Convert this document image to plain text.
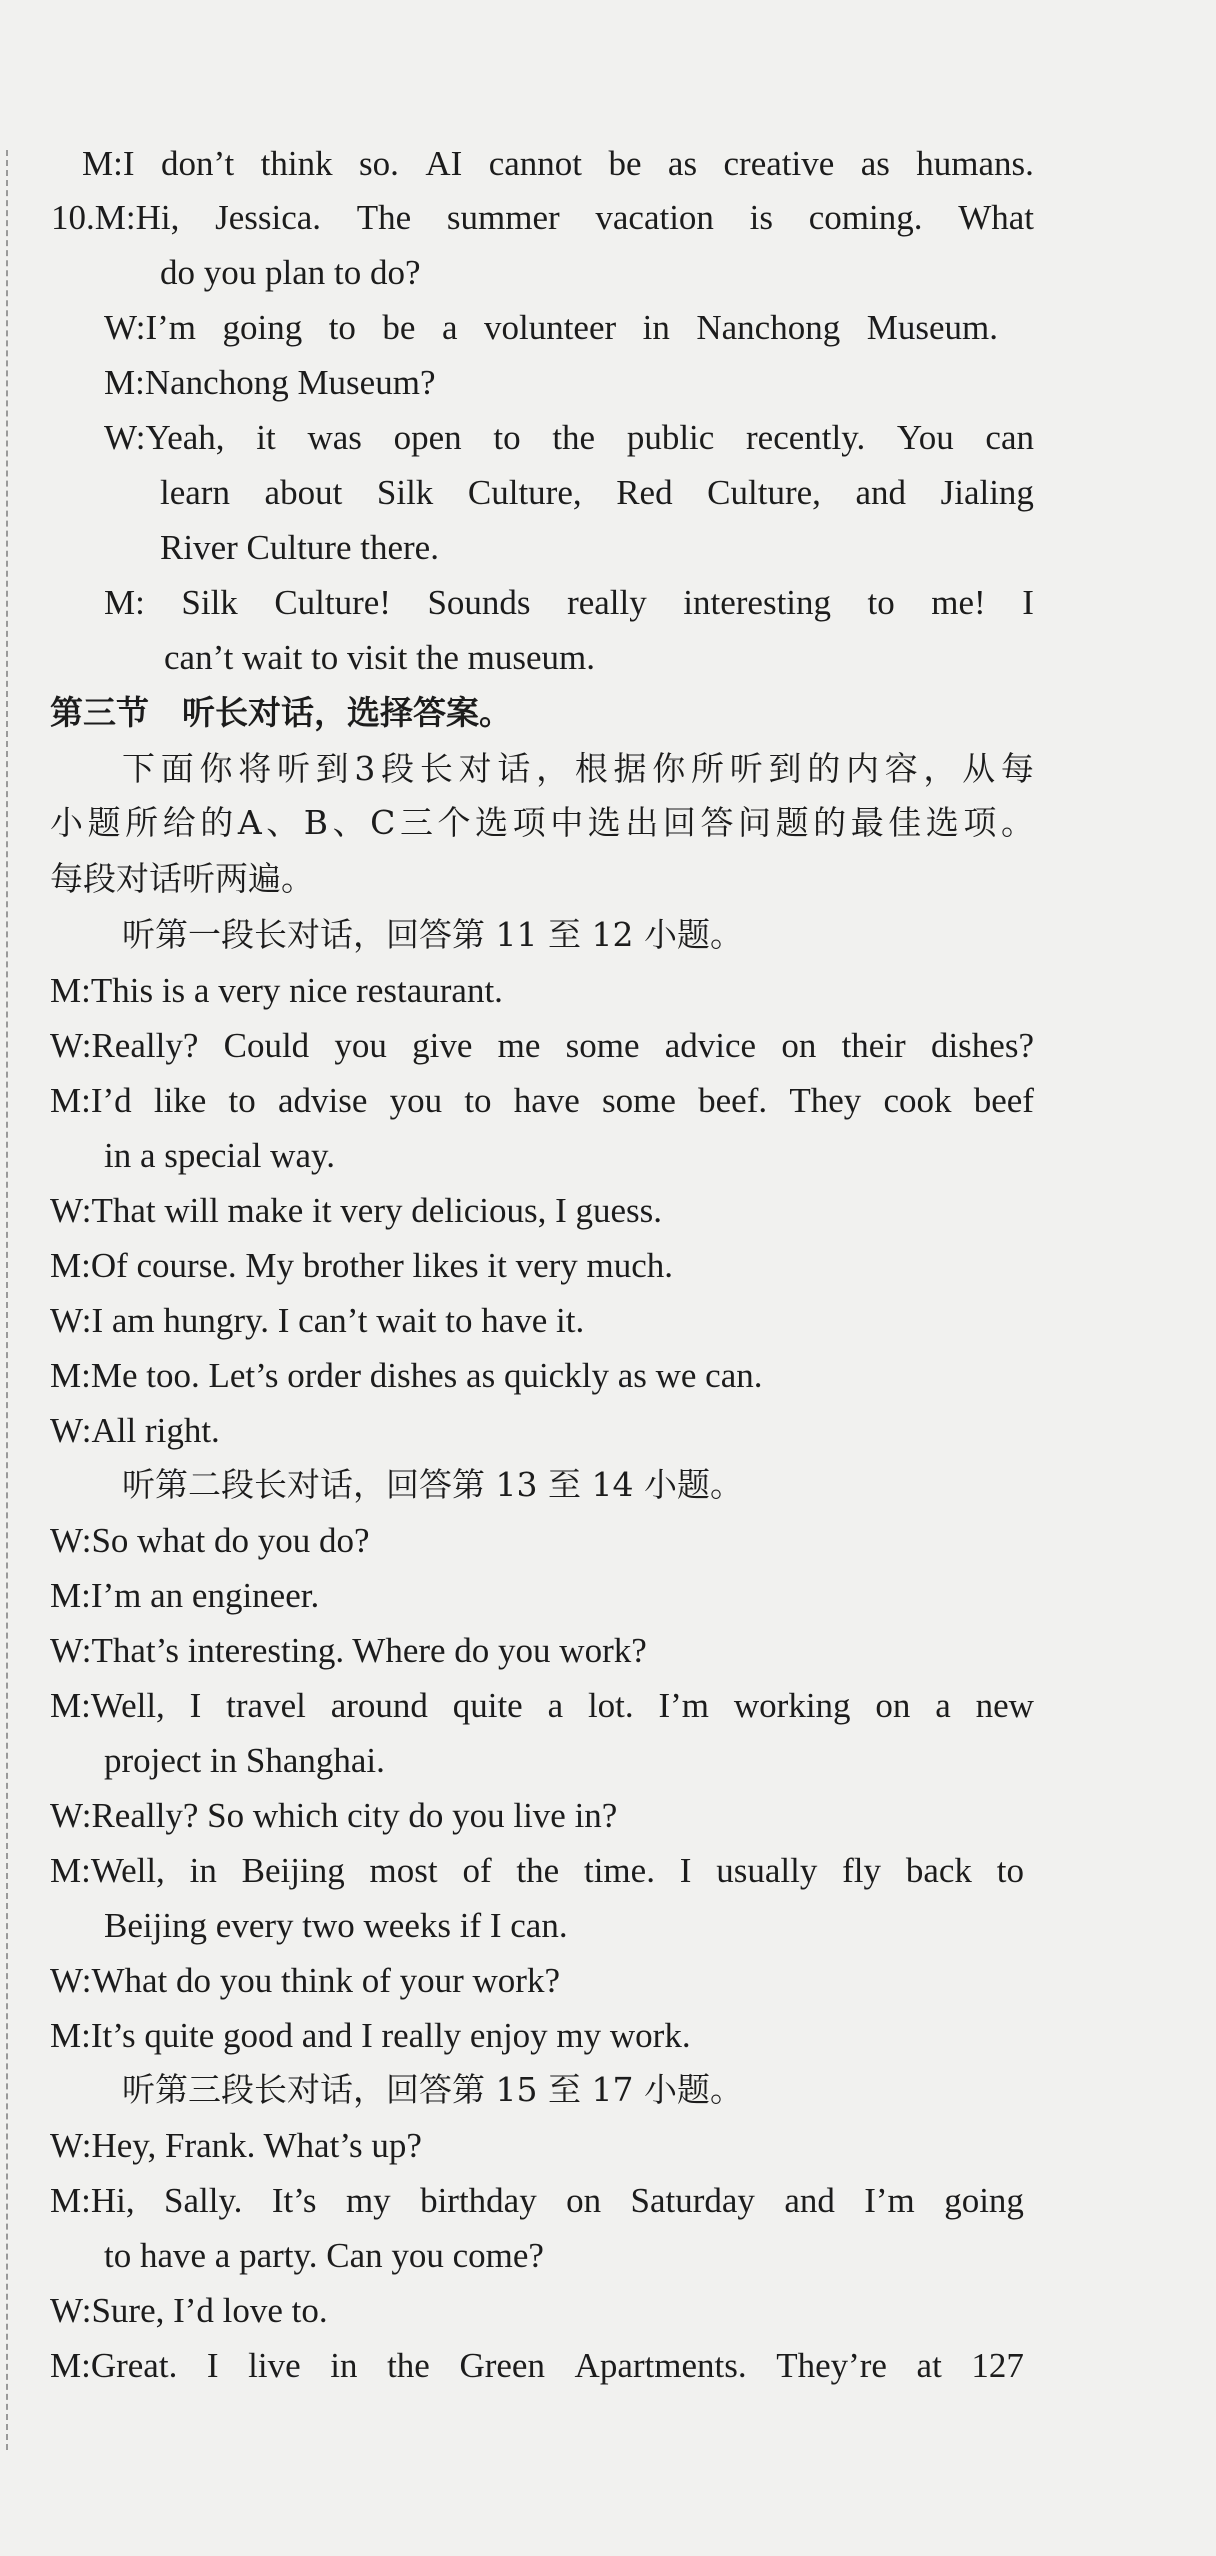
M:I don’t think so. AI cannot be as creative as humans.
10.M:Hi, Jessica. The summer vacation is coming. What
do you plan to do?
W:I’m going to be a volunteer in Nanchong Museum.
M:Nanchong Museum?
W:Yeah, it was open to the public recently. You can
learn about Silk Culture, Red Culture, and Jialing
River Culture there.
M: Silk Culture! Sounds really interesting to me! I
can’t wait to visit the museum.
第三节　听长对话，选择答案。
下 面 你 将 听 到 3 段 长 对 话 ， 根 据 你 所 听 到 的 内 容 ， 从 每
小 题 所 给 的 A 、 B 、 C 三 个 选 项 中 选 出 回 答 问 题 的 最 佳 选 项 。
每段对话听两遍。
听第一段长对话，回答第 11 至 12 小题。
M:This is a very nice restaurant.
W:Really? Could you give me some advice on their dishes?
M:I’d like to advise you to have some beef. They cook beef
in a special way.
W:That will make it very delicious, I guess.
M:Of course. My brother likes it very much.
W:I am hungry. I can’t wait to have it.
M:Me too. Let’s order dishes as quickly as we can.
W:All right.
听第二段长对话，回答第 13 至 14 小题。
W:So what do you do?
M:I’m an engineer.
W:That’s interesting. Where do you work?
M:Well, I travel around quite a lot. I’m working on a new
project in Shanghai.
W:Really? So which city do you live in?
M:Well, in Beijing most of the time. I usually fly back to
Beijing every two weeks if I can.
W:What do you think of your work?
M:It’s quite good and I really enjoy my work.
听第三段长对话，回答第 15 至 17 小题。
W:Hey, Frank. What’s up?
M:Hi, Sally. It’s my birthday on Saturday and I’m going
to have a party. Can you come?
W:Sure, I’d love to.
M:Great. I live in the Green Apartments. They’re at 127
